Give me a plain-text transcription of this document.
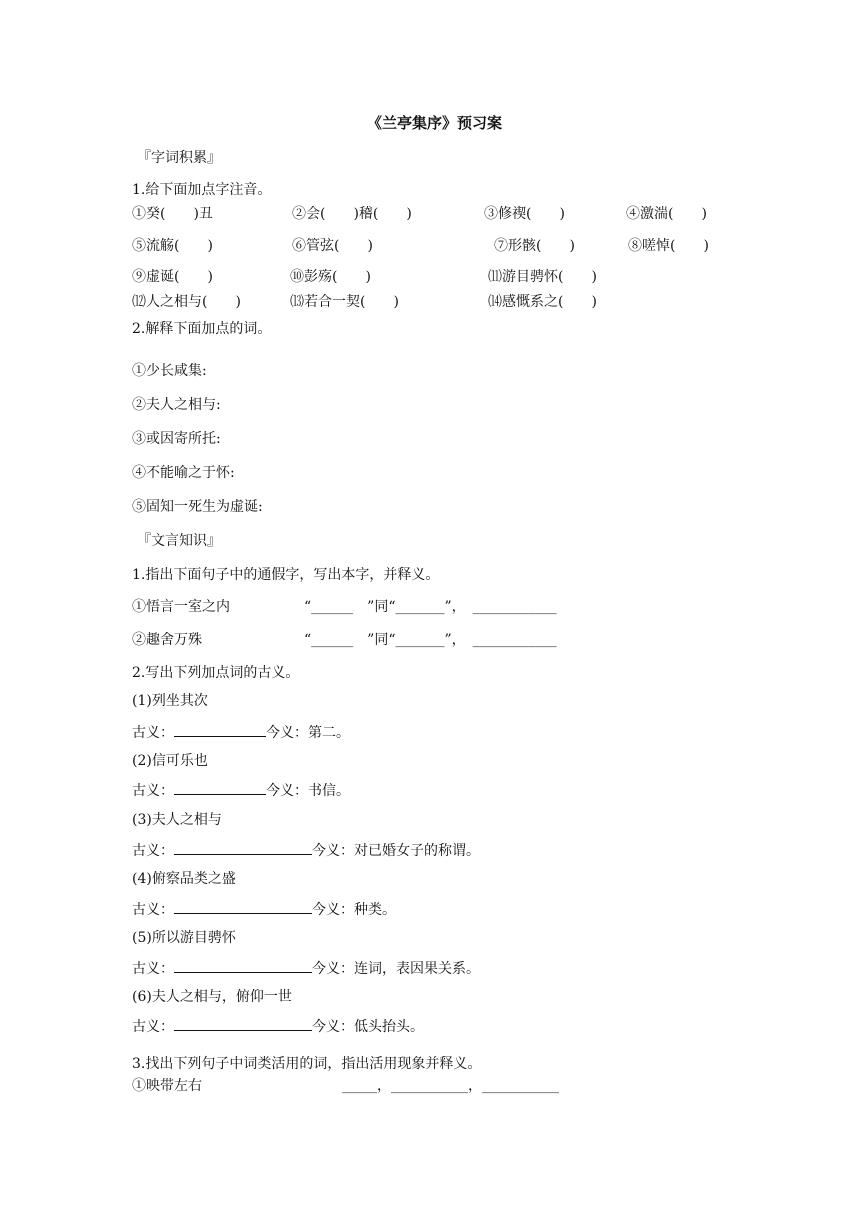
《兰亭集序》预习案
『字词积累』
1.给下面加点字注音。
①癸(　　)丑	②会(　　)稽(　　)	③修禊(　　)	④激湍(　　)
⑤流觞(　　)	⑥管弦(　　)	⑦形骸(　　)	⑧嗟悼(　　)
⑨虚诞(　　)	⑩彭殇(　　)	⑾游目骋怀(　　)
⑿人之相与(　　)	⒀若合一契(　　)	⒁感慨系之(　　)
2.解释下面加点的词。
①少长咸集:
②夫人之相与:
③或因寄所托:
④不能喻之于怀:
⑤固知一死生为虚诞:
『文言知识』
1.指出下面句子中的通假字，写出本字，并释义。
①悟言一室之内	“______　”同“_______”，　____________
②趣舍万殊	“______　”同“_______”，　____________
2.写出下列加点词的古义。
(1)列坐其次
古义：	今义：第二。
(2)信可乐也
古义：	今义：书信。
(3)夫人之相与
古义：	今义：对已婚女子的称谓。
(4)俯察品类之盛
古义：	今义：种类。
(5)所以游目骋怀
古义：	今义：连词，表因果关系。
(6)夫人之相与，俯仰一世
古义：	今义：低头抬头。
3.找出下列句子中词类活用的词，指出活用现象并释义。
①映带左右	_____，___________，___________
